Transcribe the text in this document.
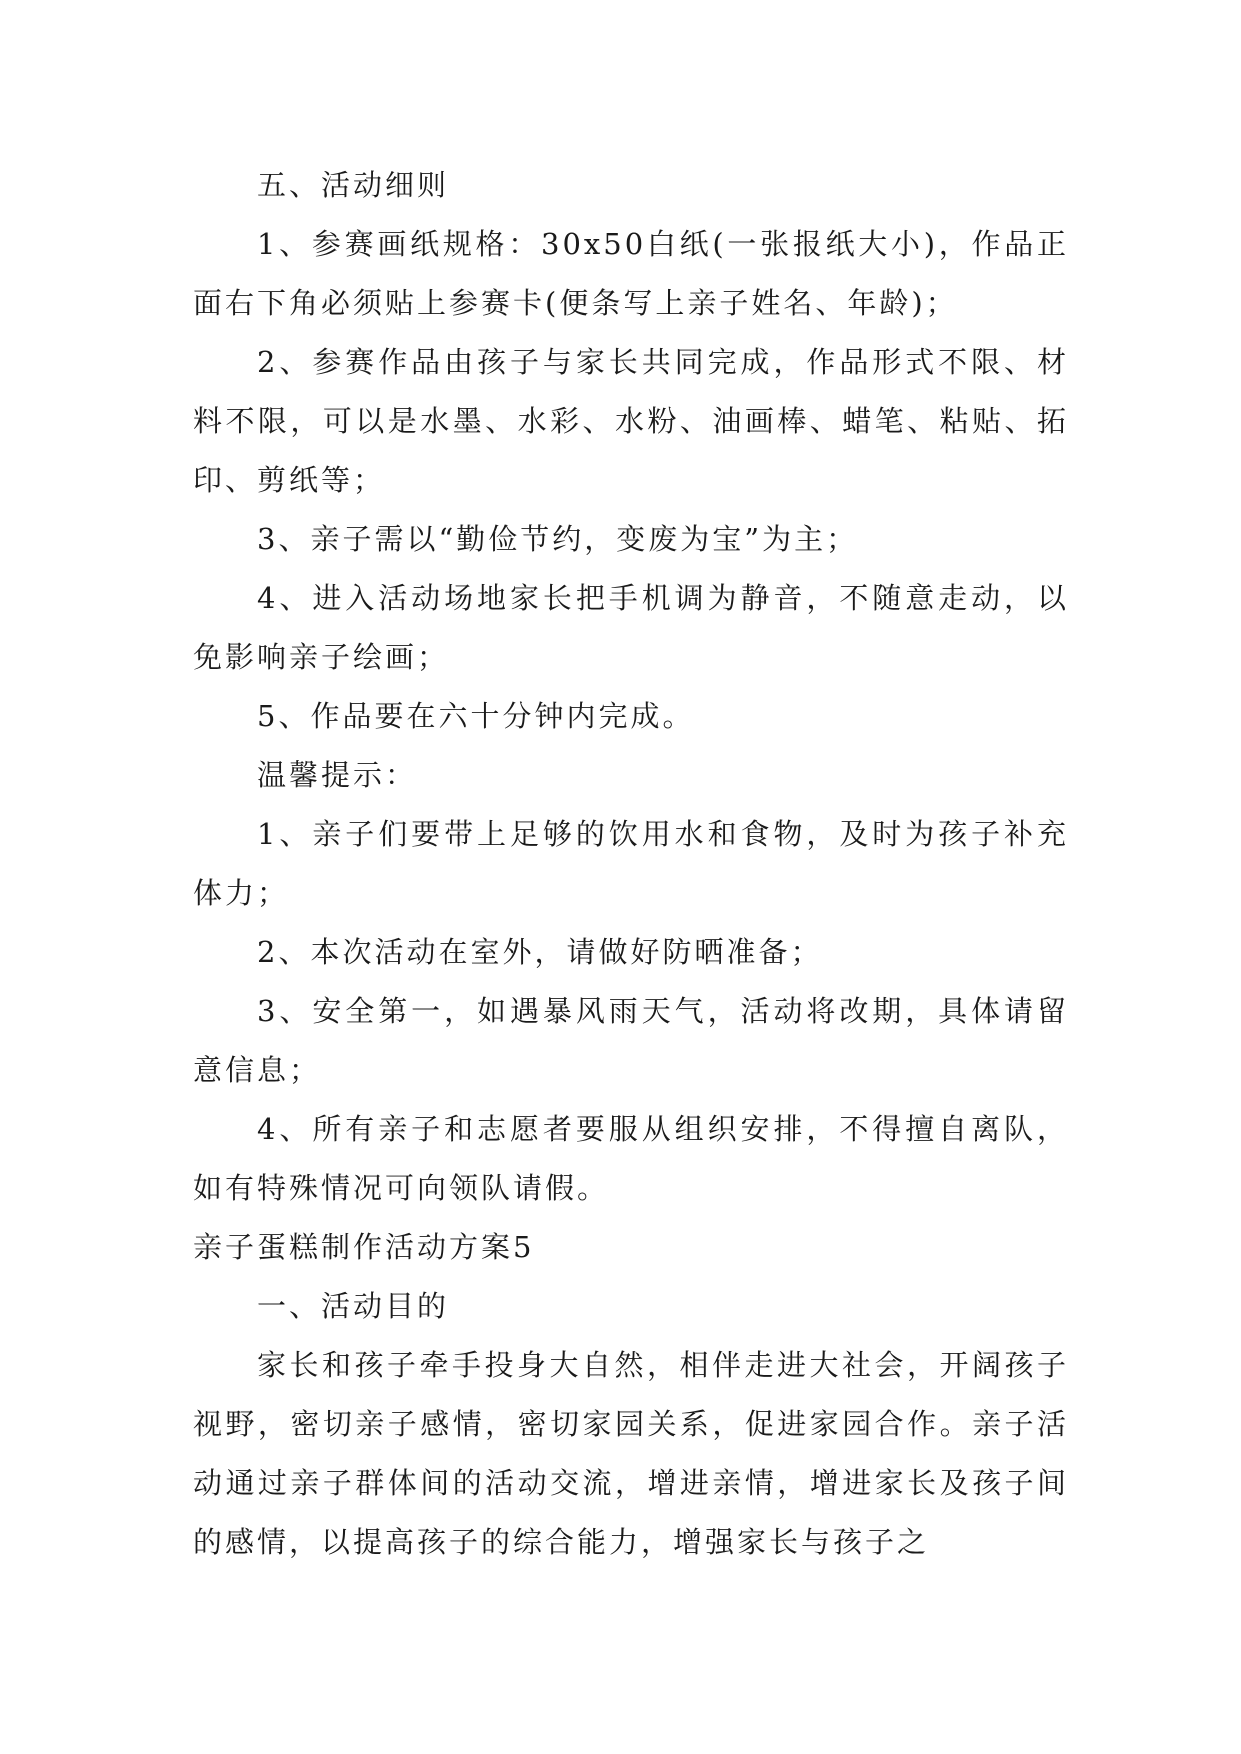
五、活动细则

1、参赛画纸规格：30x50白纸(一张报纸大小)，作品正面右下角必须贴上参赛卡(便条写上亲子姓名、年龄)；

2、参赛作品由孩子与家长共同完成，作品形式不限、材料不限，可以是水墨、水彩、水粉、油画棒、蜡笔、粘贴、拓印、剪纸等；

3、亲子需以“勤俭节约，变废为宝”为主；

4、进入活动场地家长把手机调为静音，不随意走动，以免影响亲子绘画；

5、作品要在六十分钟内完成。

温馨提示：

1、亲子们要带上足够的饮用水和食物，及时为孩子补充体力；

2、本次活动在室外，请做好防晒准备；

3、安全第一，如遇暴风雨天气，活动将改期，具体请留意信息；

4、所有亲子和志愿者要服从组织安排，不得擅自离队，如有特殊情况可向领队请假。

亲子蛋糕制作活动方案5

一、活动目的

家长和孩子牵手投身大自然，相伴走进大社会，开阔孩子视野，密切亲子感情，密切家园关系，促进家园合作。亲子活动通过亲子群体间的活动交流，增进亲情，增进家长及孩子间的感情，以提高孩子的综合能力，增强家长与孩子之
